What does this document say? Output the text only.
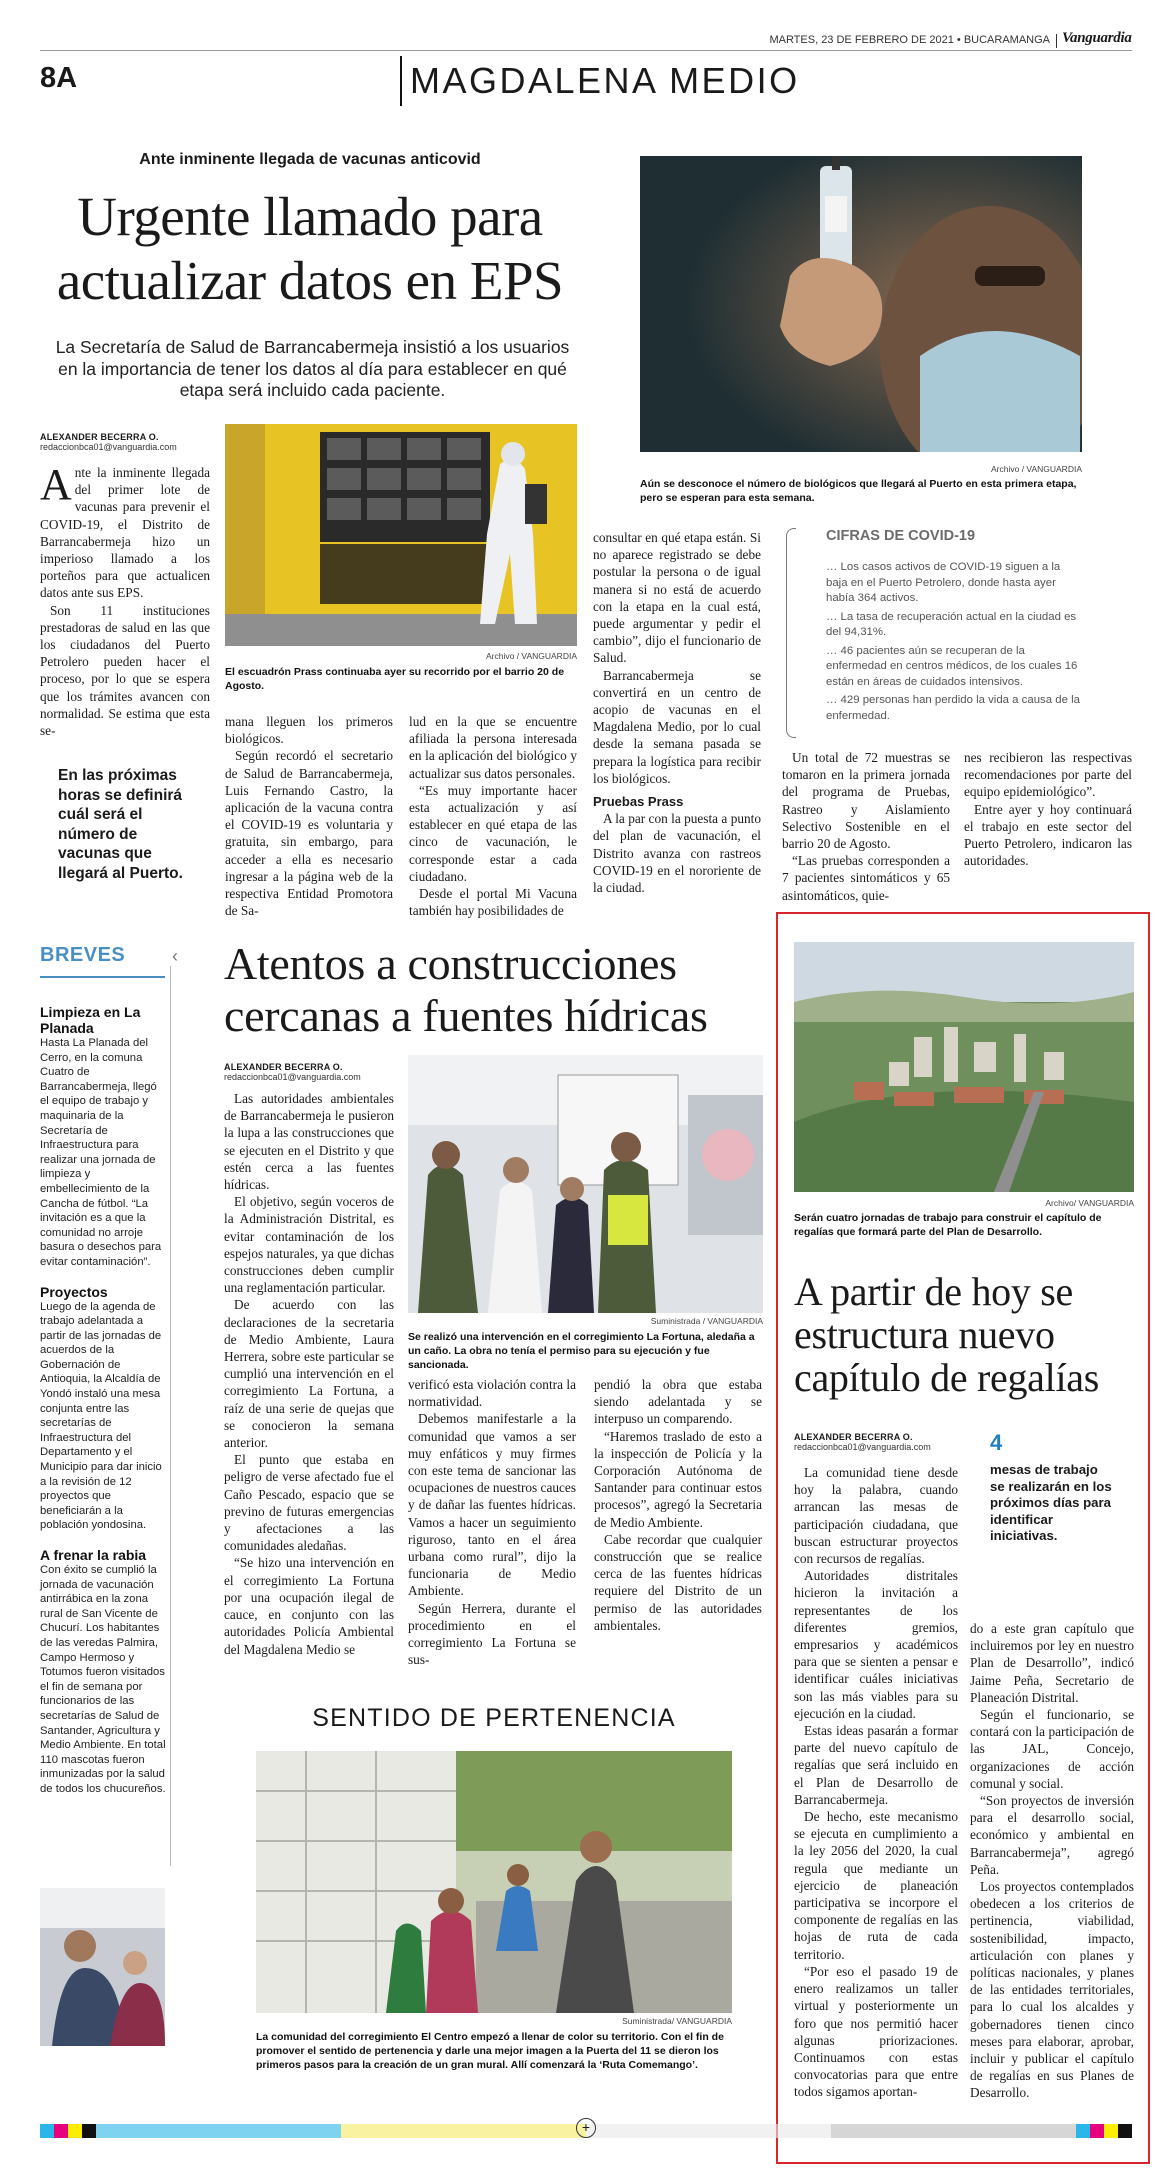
MARTES, 23 DE FEBRERO DE 2021 • BUCARAMANGA Vanguardia
8A	MAGDALENA MEDIO
Ante inminente llegada de vacunas anticovid
Urgente llamado para
actualizar datos en EPS
La Secretaría de Salud de Barrancabermeja insistió a los usuarios en la importancia de tener los datos al día para establecer en qué etapa será incluido cada paciente.
Archivo / VANGUARDIA
Aún se desconoce el número de biológicos que llegará al Puerto en esta primera etapa, pero se esperan para esta semana.
ALEXANDER BECERRA O.
redaccionbca01@vanguardia.com

Ante la inminente llegada del primer lote de vacunas para prevenir el COVID-19, el Distrito de Barrancabermeja hizo un imperioso llamado a los porteños para que actualicen datos ante sus EPS.

Son 11 instituciones prestadoras de salud en las que los ciudadanos del Puerto Petrolero pueden hacer el proceso, por lo que se espera que los trámites avancen con normalidad. Se estima que esta se-

En las próximas horas se definirá cuál será el número de vacunas que llegará al Puerto.
Archivo / VANGUARDIA
El escuadrón Prass continuaba ayer su recorrido por el barrio 20 de Agosto.

mana lleguen los primeros biológicos.

Según recordó el secretario de Salud de Barrancabermeja, Luis Fernando Castro, la aplicación de la vacuna contra el COVID-19 es voluntaria y gratuita, sin embargo, para acceder a ella es necesario ingresar a la página web de la respectiva Entidad Promotora de Sa-

lud en la que se encuentre afiliada la persona interesada en la aplicación del biológico y actualizar sus datos personales.

“Es muy importante hacer esta actualización y así establecer en qué etapa de las cinco de vacunación, le corresponde estar a cada ciudadano.

Desde el portal Mi Vacuna también hay posibilidades de

consultar en qué etapa están. Si no aparece registrado se debe postular la persona o de igual manera si no está de acuerdo con la etapa en la cual está, puede argumentar y pedir el cambio”, dijo el funcionario de Salud.

Barrancabermeja se convertirá en un centro de acopio de vacunas en el Magdalena Medio, por lo cual desde la semana pasada se prepara la logística para recibir los biológicos.

Pruebas Prass

A la par con la puesta a punto del plan de vacunación, el Distrito avanza con rastreos COVID-19 en el nororiente de la ciudad.

CIFRAS DE COVID-19
… Los casos activos de COVID-19 siguen a la baja en el Puerto Petrolero, donde hasta ayer había 364 activos.
… La tasa de recuperación actual en la ciudad es del 94,31%.
… 46 pacientes aún se recuperan de la enfermedad en centros médicos, de los cuales 16 están en áreas de cuidados intensivos.
… 429 personas han perdido la vida a causa de la enfermedad.

Un total de 72 muestras se tomaron en la primera jornada del programa de Pruebas, Rastreo y Aislamiento Selectivo Sostenible en el barrio 20 de Agosto.

“Las pruebas corresponden a 7 pacientes sintomáticos y 65 asintomáticos, quie-

nes recibieron las respectivas recomendaciones por parte del equipo epidemiológico”.

Entre ayer y hoy continuará el trabajo en este sector del Puerto Petrolero, indicaron las autoridades.

BREVES	‹
Limpieza en La Planada
Hasta La Planada del Cerro, en la comuna Cuatro de Barrancabermeja, llegó el equipo de trabajo y maquinaria de la Secretaría de Infraestructura para realizar una jornada de limpieza y embellecimiento de la Cancha de fútbol. “La invitación es a que la comunidad no arroje basura o desechos para evitar contaminación”.
Proyectos
Luego de la agenda de trabajo adelantada a partir de las jornadas de acuerdos de la Gobernación de Antioquia, la Alcaldía de Yondó instaló una mesa conjunta entre las secretarías de Infraestructura del Departamento y el Municipio para dar inicio a la revisión de 12 proyectos que beneficiarán a la población yondosina.
A frenar la rabia
Con éxito se cumplió la jornada de vacunación antirrábica en la zona rural de San Vicente de Chucurí. Los habitantes de las veredas Palmira, Campo Hermoso y Totumos fueron visitados el fin de semana por funcionarios de las secretarías de Salud de Santander, Agricultura y Medio Ambiente. En total 110 mascotas fueron inmunizadas por la salud de todos los chucureños.
Atentos a construcciones
cercanas a fuentes hídricas
ALEXANDER BECERRA O.
redaccionbca01@vanguardia.com

Las autoridades ambientales de Barrancabermeja le pusieron la lupa a las construcciones que se ejecuten en el Distrito y que estén cerca a las fuentes hídricas.

El objetivo, según voceros de la Administración Distrital, es evitar contaminación de los espejos naturales, ya que dichas construcciones deben cumplir una reglamentación particular.

De acuerdo con las declaraciones de la secretaria de Medio Ambiente, Laura Herrera, sobre este particular se cumplió una intervención en el corregimiento La Fortuna, a raíz de una serie de quejas que se conocieron la semana anterior.

El punto que estaba en peligro de verse afectado fue el Caño Pescado, espacio que se previno de futuras emergencias y afectaciones a las comunidades aledañas.

“Se hizo una intervención en el corregimiento La Fortuna por una ocupación ilegal de cauce, en conjunto con las autoridades Policía Ambiental del Magdalena Medio se

Suministrada / VANGUARDIA
Se realizó una intervención en el corregimiento La Fortuna, aledaña a un caño. La obra no tenía el permiso para su ejecución y fue sancionada.

verificó esta violación contra la normatividad.

Debemos manifestarle a la comunidad que vamos a ser muy enfáticos y muy firmes con este tema de sancionar las ocupaciones de nuestros cauces y de dañar las fuentes hídricas. Vamos a hacer un seguimiento riguroso, tanto en el área urbana como rural”, dijo la funcionaria de Medio Ambiente.

Según Herrera, durante el procedimiento en el corregimiento La Fortuna se sus-

pendió la obra que estaba siendo adelantada y se interpuso un comparendo.

“Haremos traslado de esto a la inspección de Policía y la Corporación Autónoma de Santander para continuar estos procesos”, agregó la Secretaria de Medio Ambiente.

Cabe recordar que cualquier construcción que se realice cerca de las fuentes hídricas requiere del Distrito de un permiso de las autoridades ambientales.

SENTIDO DE PERTENENCIA
Suministrada/ VANGUARDIA
La comunidad del corregimiento El Centro empezó a llenar de color su territorio. Con el fin de promover el sentido de pertenencia y darle una mejor imagen a la Puerta del 11 se dieron los primeros pasos para la creación de un gran mural. Allí comenzará la ‘Ruta Comemango’.
Archivo/ VANGUARDIA
Serán cuatro jornadas de trabajo para construir el capítulo de regalías que formará parte del Plan de Desarrollo.
A partir de hoy se
estructura nuevo
capítulo de regalías
ALEXANDER BECERRA O.
redaccionbca01@vanguardia.com	4
mesas de trabajo se realizarán en los próximos días para identificar iniciativas.

La comunidad tiene desde hoy la palabra, cuando arrancan las mesas de participación ciudadana, que buscan estructurar proyectos con recursos de regalías.

Autoridades distritales hicieron la invitación a representantes de los diferentes gremios, empresarios y académicos para que se sienten a pensar e identificar cuáles iniciativas son las más viables para su ejecución en la ciudad.

Estas ideas pasarán a formar parte del nuevo capítulo de regalías que será incluido en el Plan de Desarrollo de Barrancabermeja.

De hecho, este mecanismo se ejecuta en cumplimiento a la ley 2056 del 2020, la cual regula que mediante un ejercicio de planeación participativa se incorpore el componente de regalías en las hojas de ruta de cada territorio.

“Por eso el pasado 19 de enero realizamos un taller virtual y posteriormente un foro que nos permitió hacer algunas priorizaciones. Continuamos con estas convocatorias para que entre todos sigamos aportan-

do a este gran capítulo que incluiremos por ley en nuestro Plan de Desarrollo”, indicó Jaime Peña, Secretario de Planeación Distrital.

Según el funcionario, se contará con la participación de las JAL, Concejo, organizaciones de acción comunal y social.

“Son proyectos de inversión para el desarrollo social, económico y ambiental en Barrancabermeja”, agregó Peña.

Los proyectos contemplados obedecen a los criterios de pertinencia, viabilidad, sostenibilidad, impacto, articulación con planes y políticas nacionales, y planes de las entidades territoriales, para lo cual los alcaldes y gobernadores tienen cinco meses para elaborar, aprobar, incluir y publicar el capítulo de regalías en sus Planes de Desarrollo.

+
